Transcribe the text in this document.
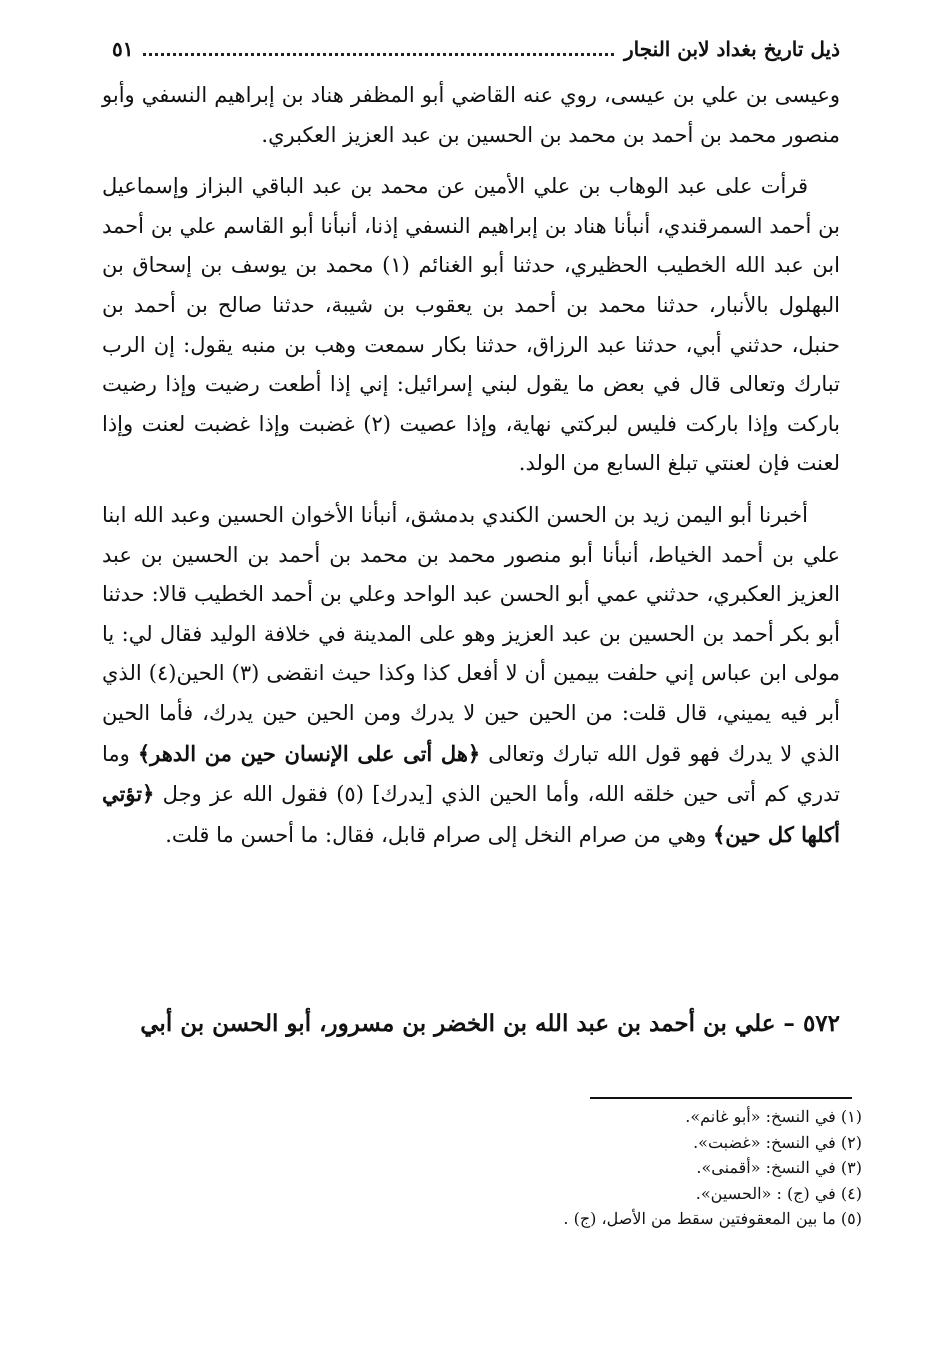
ذيل تاريخ بغداد لابن النجار
٥١

وعيسى بن علي بن عيسى، روي عنه القاضي أبو المظفر هناد بن إبراهيم النسفي وأبو منصور محمد بن أحمد بن محمد بن الحسين بن عبد العزيز العكبري.

قرأت على عبد الوهاب بن علي الأمين عن محمد بن عبد الباقي البزاز وإسماعيل بن أحمد السمرقندي، أنبأنا هناد بن إبراهيم النسفي إذنا، أنبأنا أبو القاسم علي بن أحمد ابن عبد الله الخطيب الحظيري، حدثنا أبو الغنائم (١) محمد بن يوسف بن إسحاق بن البهلول بالأنبار، حدثنا محمد بن أحمد بن يعقوب بن شيبة، حدثنا صالح بن أحمد بن حنبل، حدثني أبي، حدثنا عبد الرزاق، حدثنا بكار سمعت وهب بن منبه يقول: إن الرب تبارك وتعالى قال في بعض ما يقول لبني إسرائيل: إني إذا أطعت رضيت وإذا رضيت باركت وإذا باركت فليس لبركتي نهاية، وإذا عصيت (٢) غضبت وإذا غضبت لعنت وإذا لعنت فإن لعنتي تبلغ السابع من الولد.

أخبرنا أبو اليمن زيد بن الحسن الكندي بدمشق، أنبأنا الأخوان الحسين وعبد الله ابنا علي بن أحمد الخياط، أنبأنا أبو منصور محمد بن محمد بن أحمد بن الحسين بن عبد العزيز العكبري، حدثني عمي أبو الحسن عبد الواحد وعلي بن أحمد الخطيب قالا: حدثنا أبو بكر أحمد بن الحسين بن عبد العزيز وهو على المدينة في خلافة الوليد فقال لي: يا مولى ابن عباس إني حلفت بيمين أن لا أفعل كذا وكذا حيث انقضى (٣) الحين(٤) الذي أبر فيه يميني، قال قلت: من الحين حين لا يدرك ومن الحين حين يدرك، فأما الحين الذي لا يدرك فهو قول الله تبارك وتعالى ﴿هل أتى على الإنسان حين من الدهر﴾ وما تدري كم أتى حين خلقه الله، وأما الحين الذي [يدرك] (٥) فقول الله عز وجل ﴿تؤتي أكلها كل حين﴾ وهي من صرام النخل إلى صرام قابل، فقال: ما أحسن ما قلت.

٥٧٢ – علي بن أحمد بن عبد الله بن الخضر بن مسرور، أبو الحسن بن أبي
(١) في النسخ: «أبو غانم».
(٢) في النسخ: «غضبت».
(٣) في النسخ: «أقمنى».
(٤) في (ج) : «الحسين».
(٥) ما بين المعقوفتين سقط من الأصل، (ج) .
